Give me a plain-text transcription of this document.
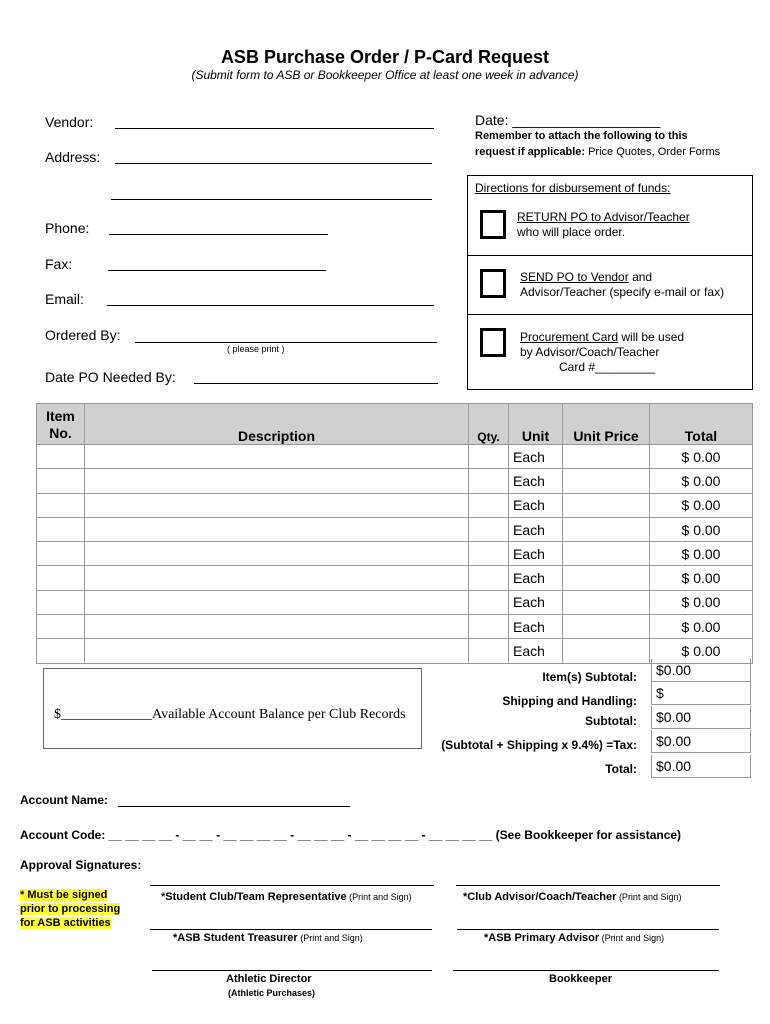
ASB Purchase Order / P-Card Request
(Submit form to ASB or Bookkeeper Office at least one week in advance)
Vendor:
Address:
Phone:
Fax:
Email:
Ordered By:
( please print )
Date PO Needed By:
Date: ___________________
Remember to attach the following to this
request if applicable: Price Quotes, Order Forms
Directions for disbursement of funds:
RETURN PO to Advisor/Teacher
who will place order.
SEND PO to Vendor and
Advisor/Teacher (specify e-mail or fax)
Procurement Card will be used
by Advisor/Coach/Teacher
Card #_________
Item No.	Description	Qty.	Unit	Unit Price	Total
			Each		$ 0.00
			Each		$ 0.00
			Each		$ 0.00
			Each		$ 0.00
			Each		$ 0.00
			Each		$ 0.00
			Each		$ 0.00
			Each		$ 0.00
			Each		$ 0.00
$_____________Available Account Balance per Club Records
Item(s) Subtotal:	$0.00
Shipping and Handling:	$
Subtotal:	$0.00
(Subtotal + Shipping x 9.4%) =Tax:	$0.00
Total:	$0.00
Account Name:
Account Code: __ __ __ __ - __ __ - __ __ __ __ - __ __ __ - __ __ __ __ - __ __ __ __ (See Bookkeeper for assistance)
Approval Signatures:
* Must be signed prior to processing for ASB activities
*Student Club/Team Representative (Print and Sign)	*Club Advisor/Coach/Teacher (Print and Sign)
*ASB Student Treasurer (Print and Sign)	*ASB Primary Advisor (Print and Sign)
Athletic Director
(Athletic Purchases)
Bookkeeper
